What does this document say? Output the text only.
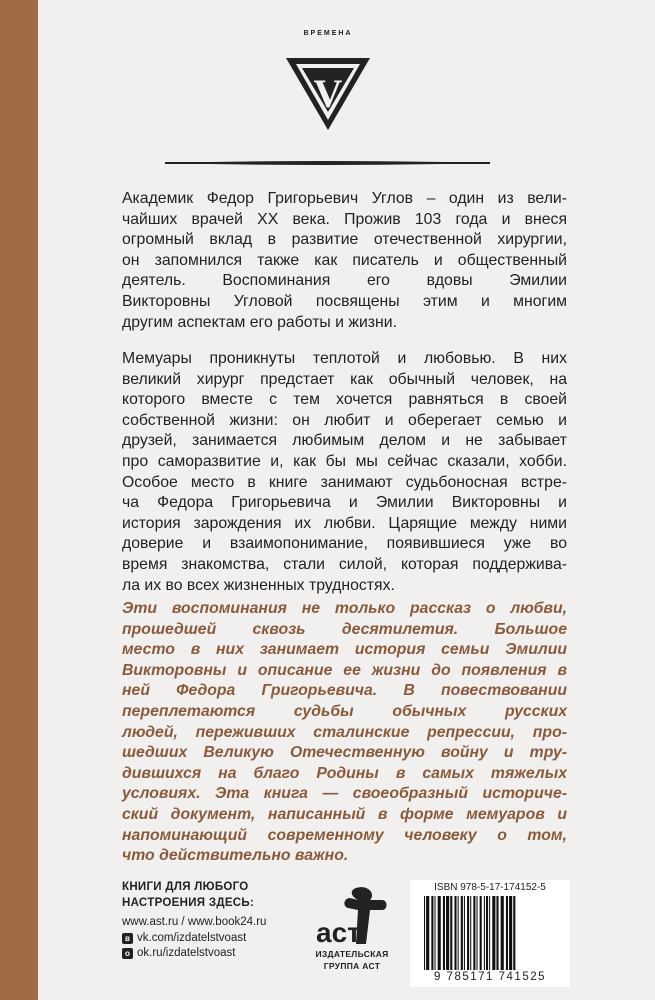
V
ВРЕМЕНА
Академик Федор Григорьевич Углов – один из вели-
чайших врачей XX века. Прожив 103 года и внеся
огромный вклад в развитие отечественной хирургии,
он запомнился также как писатель и общественный
деятель. Воспоминания его вдовы Эмилии
Викторовны Угловой посвящены этим и многим
другим аспектам его работы и жизни.
Мемуары проникнуты теплотой и любовью. В них
великий хирург предстает как обычный человек, на
которого вместе с тем хочется равняться в своей
собственной жизни: он любит и оберегает семью и
друзей, занимается любимым делом и не забывает
про саморазвитие и, как бы мы сейчас сказали, хобби.
Особое место в книге занимают судьбоносная встре-
ча Федора Григорьевича и Эмилии Викторовны и
история зарождения их любви. Царящие между ними
доверие и взаимопонимание, появившиеся уже во
время знакомства, стали силой, которая поддержива-
ла их во всех жизненных трудностях.
Эти воспоминания не только рассказ о любви,
прошедшей сквозь десятилетия. Большое
место в них занимает история семьи Эмилии
Викторовны и описание ее жизни до появления в
ней Федора Григорьевича. В повествовании
переплетаются судьбы обычных русских
людей, переживших сталинские репрессии, про-
шедших Великую Отечественную войну и тру-
дившихся на благо Родины в самых тяжелых
условиях. Эта книга — своеобразный историче-
ский документ, написанный в форме мемуаров и
напоминающий современному человеку о том,
что действительно важно.
КНИГИ ДЛЯ ЛЮБОГО
НАСТРОЕНИЯ ЗДЕСЬ:
www.ast.ru / www.book24.ru
в vk.com/izdatelstvoast
о ok.ru/izdatelstvoast
аст
ИЗДАТЕЛЬСКАЯ
ГРУППА АСТ
ISBN 978-5-17-174152-5
9 785171 741525
